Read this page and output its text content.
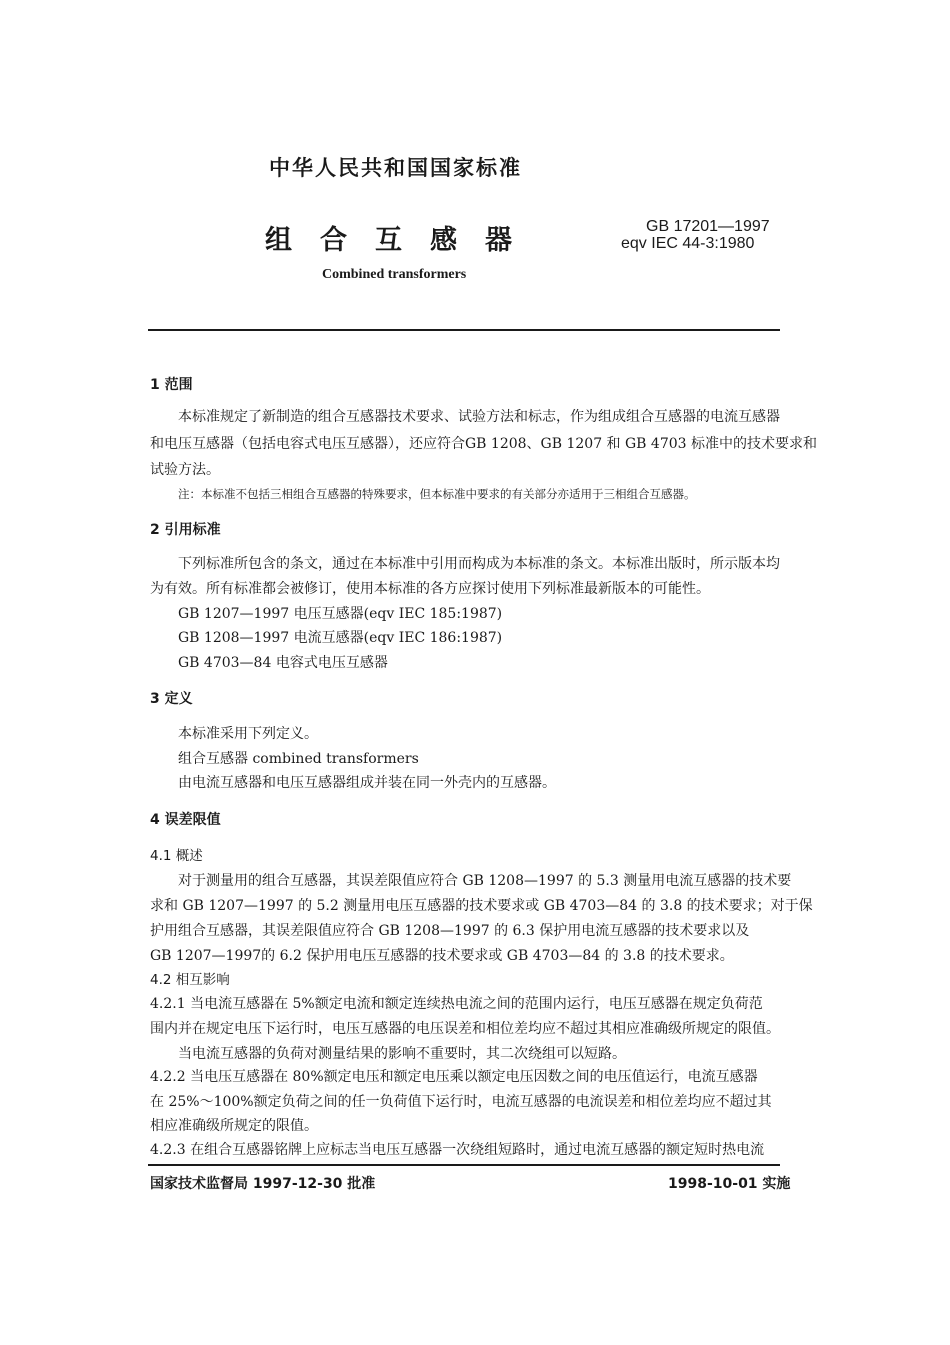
中华人民共和国国家标准
组合互感器	GB 17201—1997
eqv IEC 44-3:1980
Combined transformers
1 范围
本标准规定了新制造的组合互感器技术要求、试验方法和标志，作为组成组合互感器的电流互感器
和电压互感器（包括电容式电压互感器），还应符合GB 1208、GB 1207 和 GB 4703 标准中的技术要求和
试验方法。
注：本标准不包括三相组合互感器的特殊要求，但本标准中要求的有关部分亦适用于三相组合互感器。
2 引用标准
下列标准所包含的条文，通过在本标准中引用而构成为本标准的条文。本标准出版时，所示版本均
为有效。所有标准都会被修订，使用本标准的各方应探讨使用下列标准最新版本的可能性。
GB 1207—1997 电压互感器(eqv IEC 185:1987)
GB 1208—1997 电流互感器(eqv IEC 186:1987)
GB 4703—84 电容式电压互感器
3 定义
本标准采用下列定义。
组合互感器 combined transformers
由电流互感器和电压互感器组成并装在同一外壳内的互感器。
4 误差限值
4.1 概述
对于测量用的组合互感器，其误差限值应符合 GB 1208—1997 的 5.3 测量用电流互感器的技术要
求和 GB 1207—1997 的 5.2 测量用电压互感器的技术要求或 GB 4703—84 的 3.8 的技术要求；对于保
护用组合互感器，其误差限值应符合 GB 1208—1997 的 6.3 保护用电流互感器的技术要求以及
GB 1207—1997的 6.2 保护用电压互感器的技术要求或 GB 4703—84 的 3.8 的技术要求。
4.2 相互影响
4.2.1 当电流互感器在 5%额定电流和额定连续热电流之间的范围内运行，电压互感器在规定负荷范
围内并在规定电压下运行时，电压互感器的电压误差和相位差均应不超过其相应准确级所规定的限值。
当电流互感器的负荷对测量结果的影响不重要时，其二次绕组可以短路。
4.2.2 当电压互感器在 80%额定电压和额定电压乘以额定电压因数之间的电压值运行，电流互感器
在 25%～100%额定负荷之间的任一负荷值下运行时，电流互感器的电流误差和相位差均应不超过其
相应准确级所规定的限值。
4.2.3 在组合互感器铭牌上应标志当电压互感器一次绕组短路时，通过电流互感器的额定短时热电流
国家技术监督局 1997-12-30 批准	1998-10-01 实施
